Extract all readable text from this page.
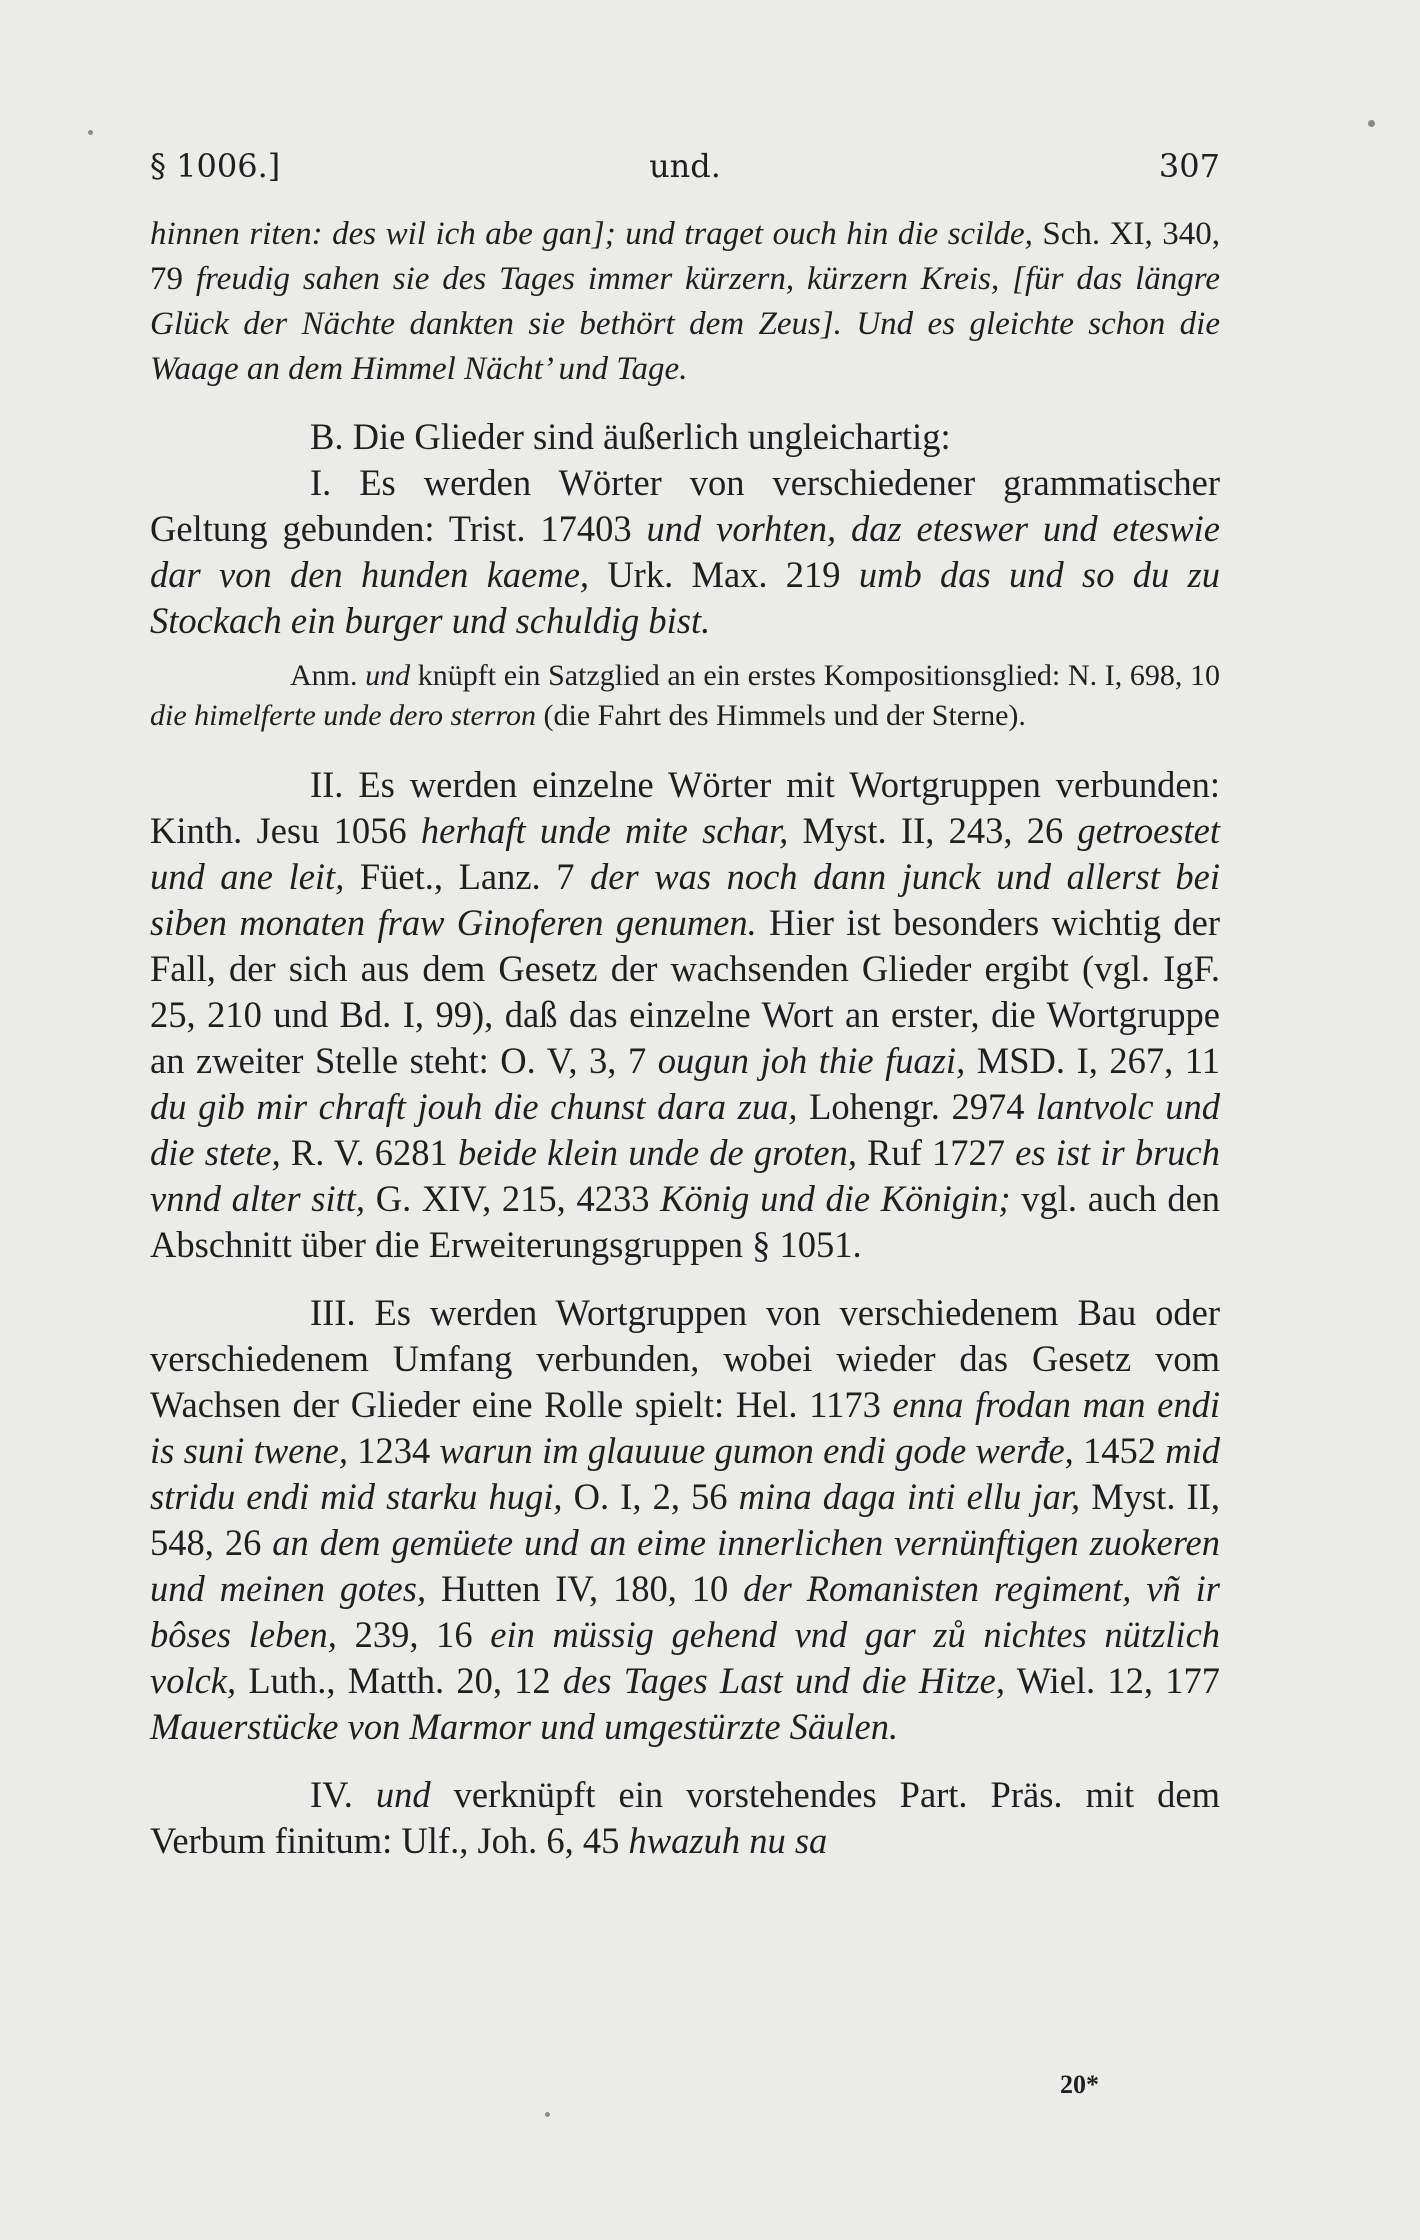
§ 1006.]	und.	307

hinnen riten: des wil ich abe gan]; und traget ouch hin die scilde, Sch. XI, 340, 79 freudig sahen sie des Tages immer kürzern, kürzern Kreis, [für das längre Glück der Nächte dankten sie bethört dem Zeus]. Und es gleichte schon die Waage an dem Himmel Nächt’ und Tage.

B. Die Glieder sind äußerlich ungleichartig:

I. Es werden Wörter von verschiedener grammatischer Geltung gebunden: Trist. 17403 und vorhten, daz eteswer und eteswie dar von den hunden kaeme, Urk. Max. 219 umb das und so du zu Stockach ein burger und schuldig bist.

Anm. und knüpft ein Satzglied an ein erstes Kompositionsglied: N. I, 698, 10 die himelferte unde dero sterron (die Fahrt des Himmels und der Sterne).

II. Es werden einzelne Wörter mit Wortgruppen verbunden: Kinth. Jesu 1056 herhaft unde mite schar, Myst. II, 243, 26 getroestet und ane leit, Füet., Lanz. 7 der was noch dann junck und allerst bei siben monaten fraw Ginoferen genumen. Hier ist besonders wichtig der Fall, der sich aus dem Gesetz der wachsenden Glieder ergibt (vgl. IgF. 25, 210 und Bd. I, 99), daß das einzelne Wort an erster, die Wortgruppe an zweiter Stelle steht: O. V, 3, 7 ougun joh thie fuazi, MSD. I, 267, 11 du gib mir chraft jouh die chunst dara zua, Lohengr. 2974 lantvolc und die stete, R. V. 6281 beide klein unde de groten, Ruf 1727 es ist ir bruch vnnd alter sitt, G. XIV, 215, 4233 König und die Königin; vgl. auch den Abschnitt über die Erweiterungsgruppen § 1051.

III. Es werden Wortgruppen von verschiedenem Bau oder verschiedenem Umfang verbunden, wobei wieder das Gesetz vom Wachsen der Glieder eine Rolle spielt: Hel. 1173 enna frodan man endi is suni twene, 1234 warun im glauuue gumon endi gode werđe, 1452 mid stridu endi mid starku hugi, O. I, 2, 56 mina daga inti ellu jar, Myst. II, 548, 26 an dem gemüete und an eime innerlichen vernünftigen zuokeren und meinen gotes, Hutten IV, 180, 10 der Romanisten regiment, vñ ir bôses leben, 239, 16 ein müssig gehend vnd gar zů nichtes nützlich volck, Luth., Matth. 20, 12 des Tages Last und die Hitze, Wiel. 12, 177 Mauerstücke von Marmor und umgestürzte Säulen.

IV. und verknüpft ein vorstehendes Part. Präs. mit dem Verbum finitum: Ulf., Joh. 6, 45 hwazuh nu sa

20*
